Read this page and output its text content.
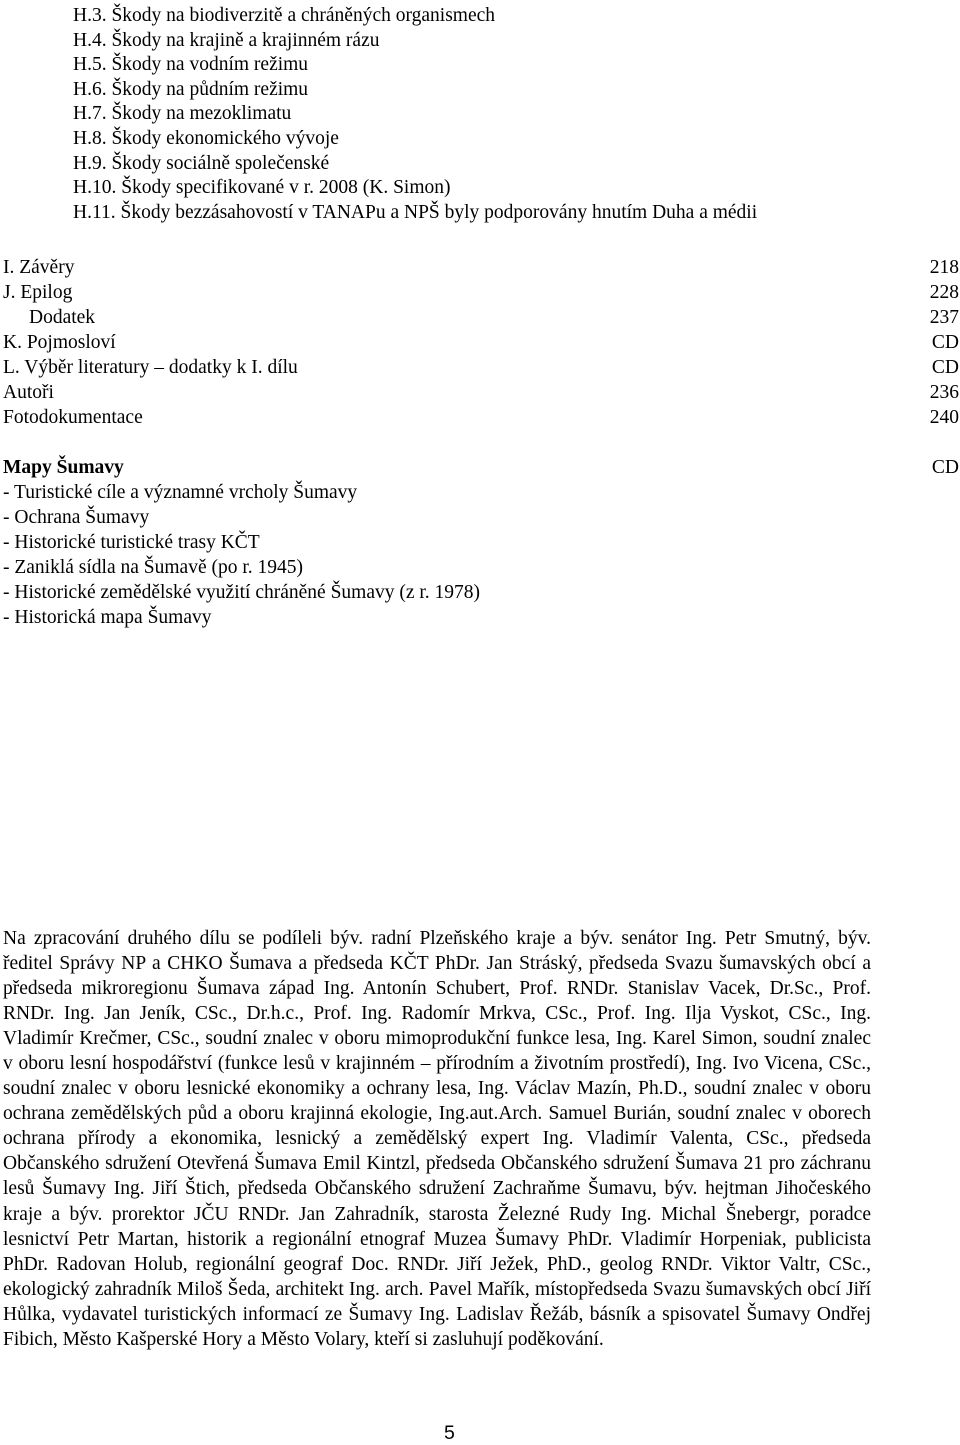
H.3. Škody na biodiverzitě a chráněných organismech
H.4. Škody na krajině a krajinném rázu
H.5. Škody na vodním režimu
H.6. Škody na půdním režimu
H.7. Škody na mezoklimatu
H.8. Škody ekonomického vývoje
H.9. Škody sociálně společenské
H.10. Škody specifikované v r. 2008 (K. Simon)
H.11. Škody bezzásahovostí v TANAPu a NPŠ byly podporovány hnutím Duha a médii
I. Závěry	218
J. Epilog	228
Dodatek	237
K. Pojmosloví	CD
L. Výběr literatury – dodatky k I. dílu	CD
Autoři	236
Fotodokumentace	240
Mapy Šumavy	CD
- Turistické cíle a významné vrcholy Šumavy
- Ochrana Šumavy
- Historické turistické trasy KČT
- Zaniklá sídla na Šumavě (po r. 1945)
- Historické zemědělské využití chráněné Šumavy (z r. 1978)
- Historická mapa Šumavy

Na zpracování druhého dílu se podíleli býv. radní Plzeňského kraje a býv. senátor Ing. Petr Smutný, býv. ředitel Správy NP a CHKO Šumava a předseda KČT PhDr. Jan Stráský, předseda Svazu šumavských obcí a předseda mikroregionu Šumava západ Ing. Antonín Schubert, Prof. RNDr. Stanislav Vacek, Dr.Sc., Prof. RNDr. Ing. Jan Jeník, CSc., Dr.h.c., Prof. Ing. Radomír Mrkva, CSc., Prof. Ing. Ilja Vyskot, CSc., Ing. Vladimír Krečmer, CSc., soudní znalec v oboru mimoprodukční funkce lesa, Ing. Karel Simon, soudní znalec v oboru lesní hospodářství (funkce lesů v krajinném – přírodním a životním prostředí), Ing. Ivo Vicena, CSc., soudní znalec v oboru lesnické ekonomiky a ochrany lesa, Ing. Václav Mazín, Ph.D., soudní znalec v oboru ochrana zemědělských půd a oboru krajinná ekologie, Ing.aut.Arch. Samuel Burián, soudní znalec v oborech ochrana přírody a ekonomika, lesnický a zemědělský expert Ing. Vladimír Valenta, CSc., předseda Občanského sdružení Otevřená Šumava Emil Kintzl, předseda Občanského sdružení Šumava 21 pro záchranu lesů Šumavy Ing. Jiří Štich, předseda Občanského sdružení Zachraňme Šumavu, býv. hejtman Jihočeského kraje a býv. prorektor JČU RNDr. Jan Zahradník, starosta Železné Rudy Ing. Michal Šnebergr, poradce lesnictví Petr Martan, historik a regionální etnograf Muzea Šumavy PhDr. Vladimír Horpeniak, publicista PhDr. Radovan Holub, regionální geograf Doc. RNDr. Jiří Ježek, PhD., geolog RNDr. Viktor Valtr, CSc., ekologický zahradník Miloš Šeda, architekt Ing. arch. Pavel Mařík, místopředseda Svazu šumavských obcí Jiří Hůlka, vydavatel turistických informací ze Šumavy Ing. Ladislav Řežáb, básník a spisovatel Šumavy Ondřej Fibich, Město Kašperské Hory a Město Volary, kteří si zasluhují poděkování.

5
